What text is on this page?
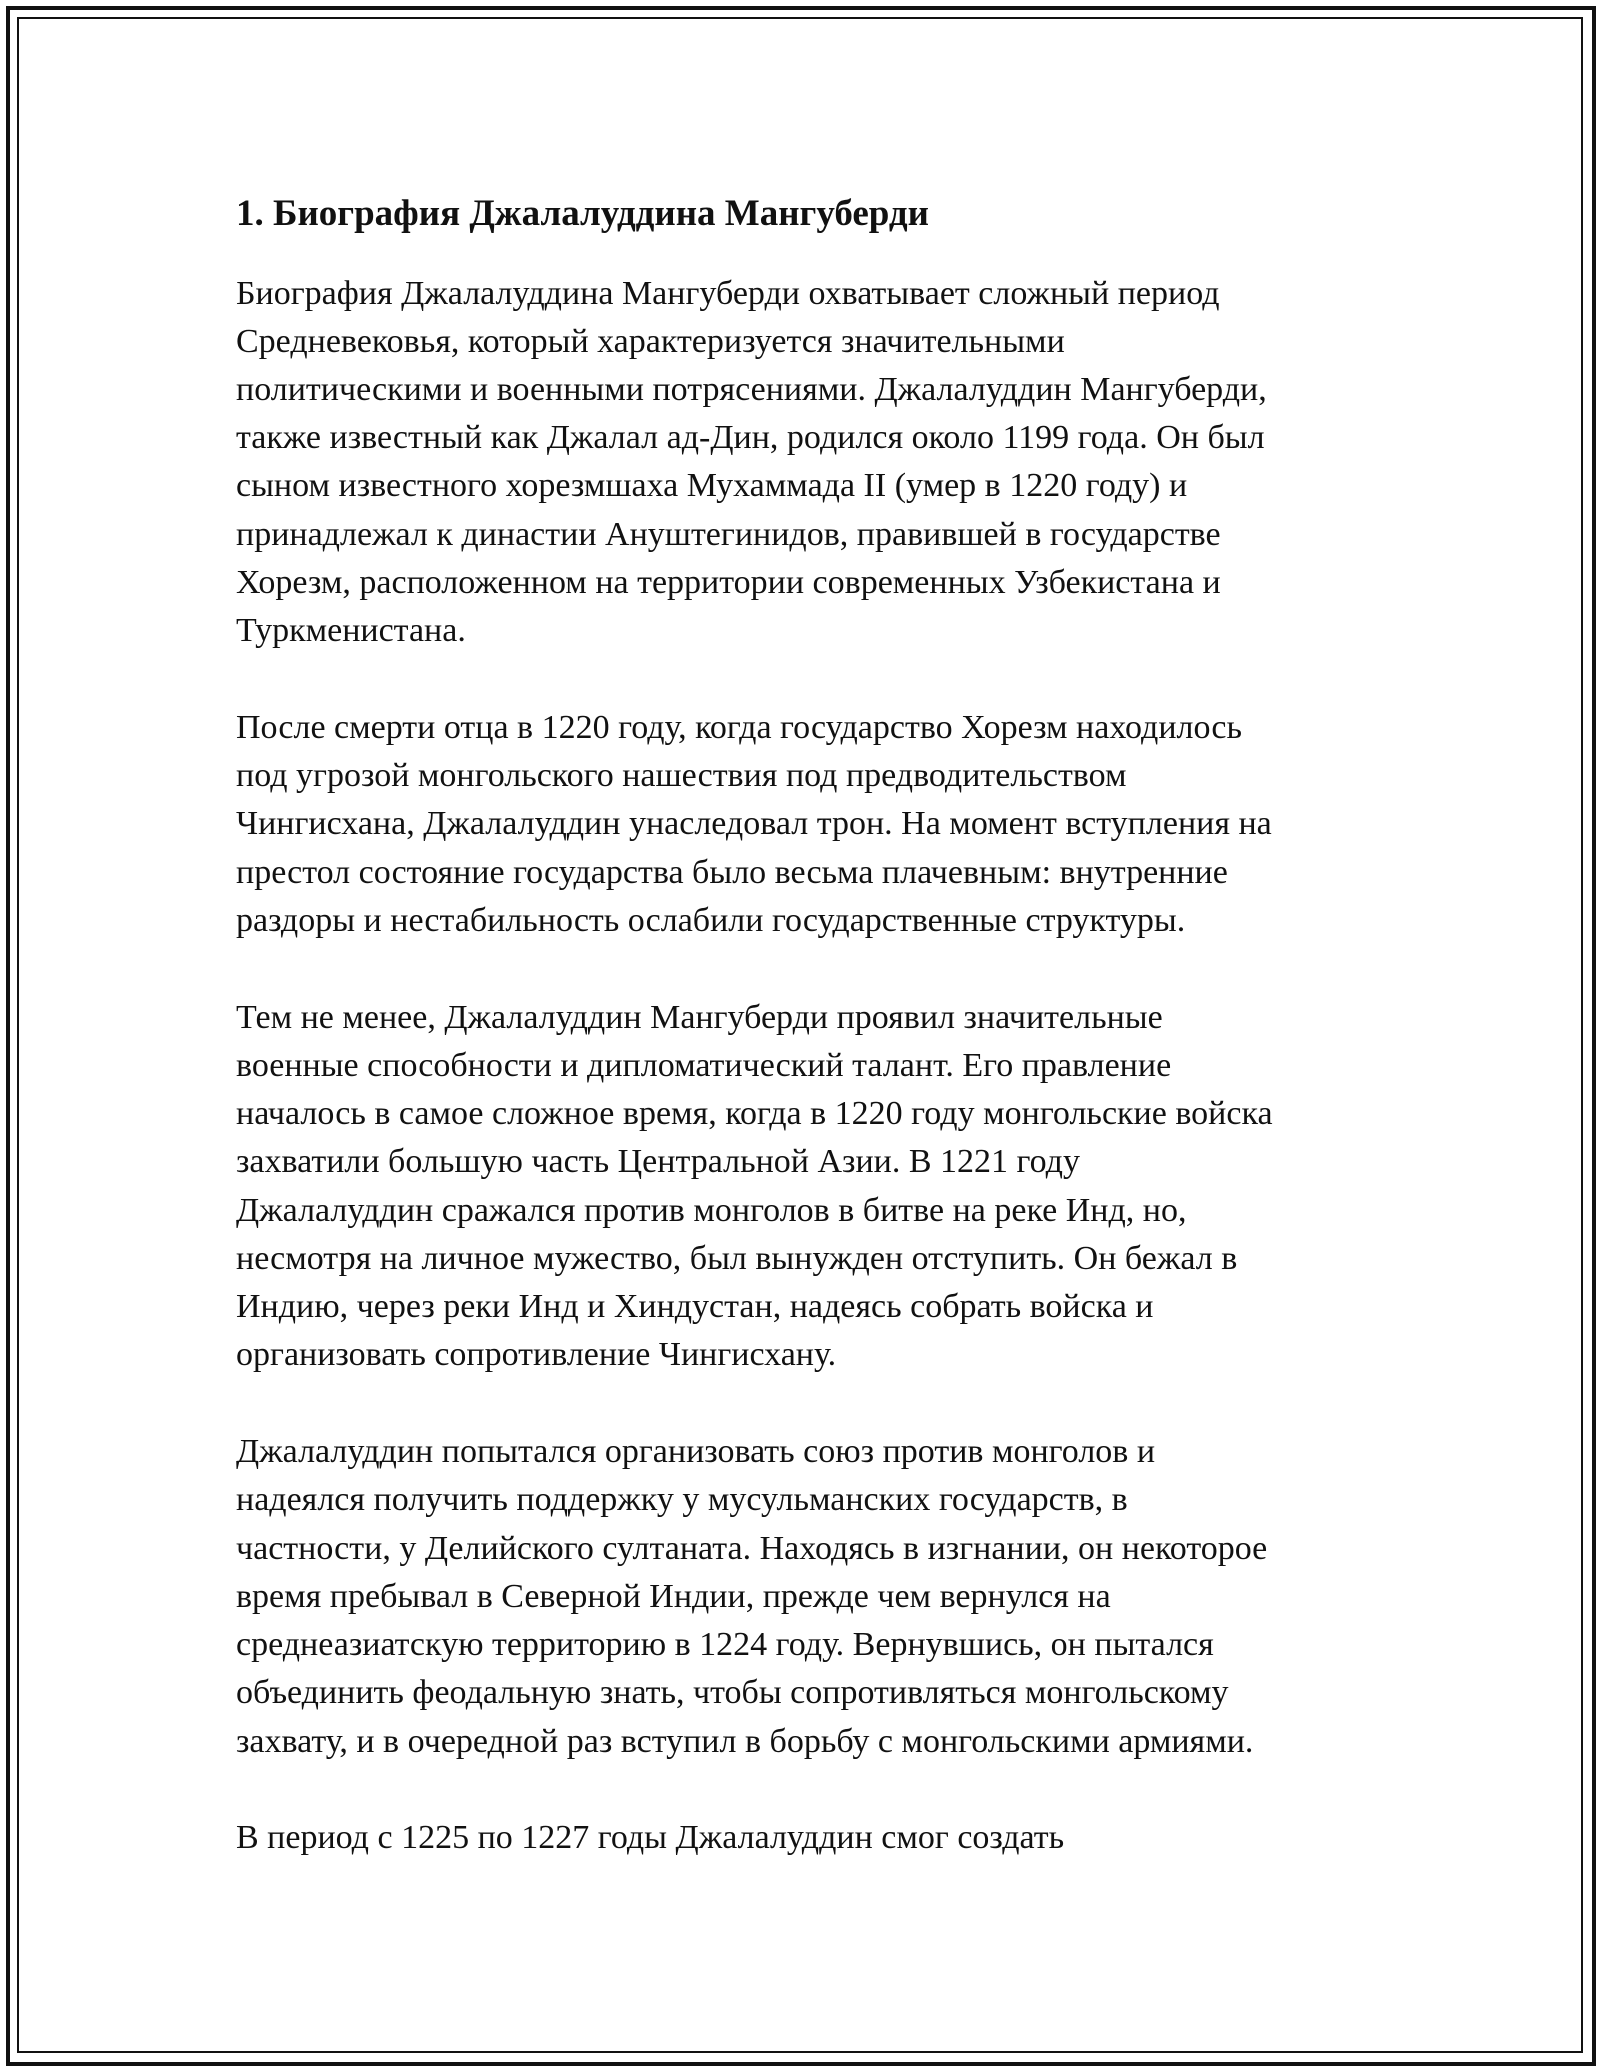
1. Биография Джалалуддина Мангуберди

Биография Джалалуддина Мангуберди охватывает сложный период

Средневековья, который характеризуется значительными

политическими и военными потрясениями. Джалалуддин Мангуберди,

также известный как Джалал ад-Дин, родился около 1199 года. Он был

сыном известного хорезмшаха Мухаммада II (умер в 1220 году) и

принадлежал к династии Ануштегинидов, правившей в государстве

Хорезм, расположенном на территории современных Узбекистана и

Туркменистана.

После смерти отца в 1220 году, когда государство Хорезм находилось

под угрозой монгольского нашествия под предводительством

Чингисхана, Джалалуддин унаследовал трон. На момент вступления на

престол состояние государства было весьма плачевным: внутренние

раздоры и нестабильность ослабили государственные структуры.

Тем не менее, Джалалуддин Мангуберди проявил значительные

военные способности и дипломатический талант. Его правление

началось в самое сложное время, когда в 1220 году монгольские войска

захватили большую часть Центральной Азии. В 1221 году

Джалалуддин сражался против монголов в битве на реке Инд, но,

несмотря на личное мужество, был вынужден отступить. Он бежал в

Индию, через реки Инд и Хиндустан, надеясь собрать войска и

организовать сопротивление Чингисхану.

Джалалуддин попытался организовать союз против монголов и

надеялся получить поддержку у мусульманских государств, в

частности, у Делийского султаната. Находясь в изгнании, он некоторое

время пребывал в Северной Индии, прежде чем вернулся на

среднеазиатскую территорию в 1224 году. Вернувшись, он пытался

объединить феодальную знать, чтобы сопротивляться монгольскому

захвату, и в очередной раз вступил в борьбу с монгольскими армиями.

В период с 1225 по 1227 годы Джалалуддин смог создать
